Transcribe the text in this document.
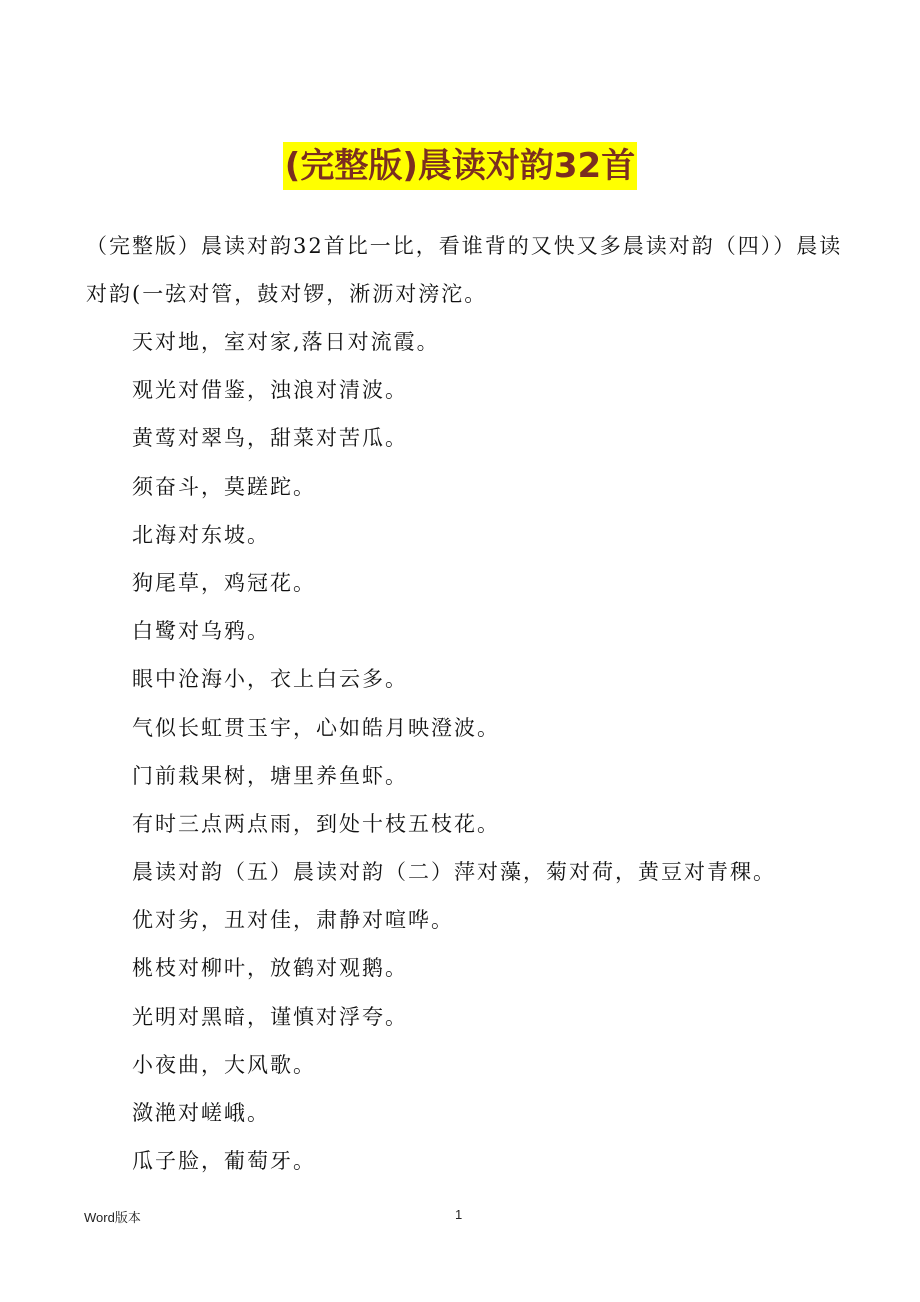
(完整版)晨读对韵32首

（完整版）晨读对韵32首比一比，看谁背的又快又多晨读对韵（四））晨读对韵(一弦对管，鼓对锣，淅沥对滂沱。

天对地，室对家,落日对流霞。
观光对借鉴，浊浪对清波。
黄莺对翠鸟，甜菜对苦瓜。
须奋斗，莫蹉跎。
北海对东坡。
狗尾草，鸡冠花。
白鹭对乌鸦。
眼中沧海小，衣上白云多。
气似长虹贯玉宇，心如皓月映澄波。
门前栽果树，塘里养鱼虾。
有时三点两点雨，到处十枝五枝花。
晨读对韵（五）晨读对韵（二）萍对藻，菊对荷，黄豆对青稞。
优对劣，丑对佳，肃静对喧哗。
桃枝对柳叶，放鹤对观鹅。
光明对黑暗，谨慎对浮夸。
小夜曲，大风歌。
潋滟对嵯峨。
瓜子脸，葡萄牙。
Word版本	1
